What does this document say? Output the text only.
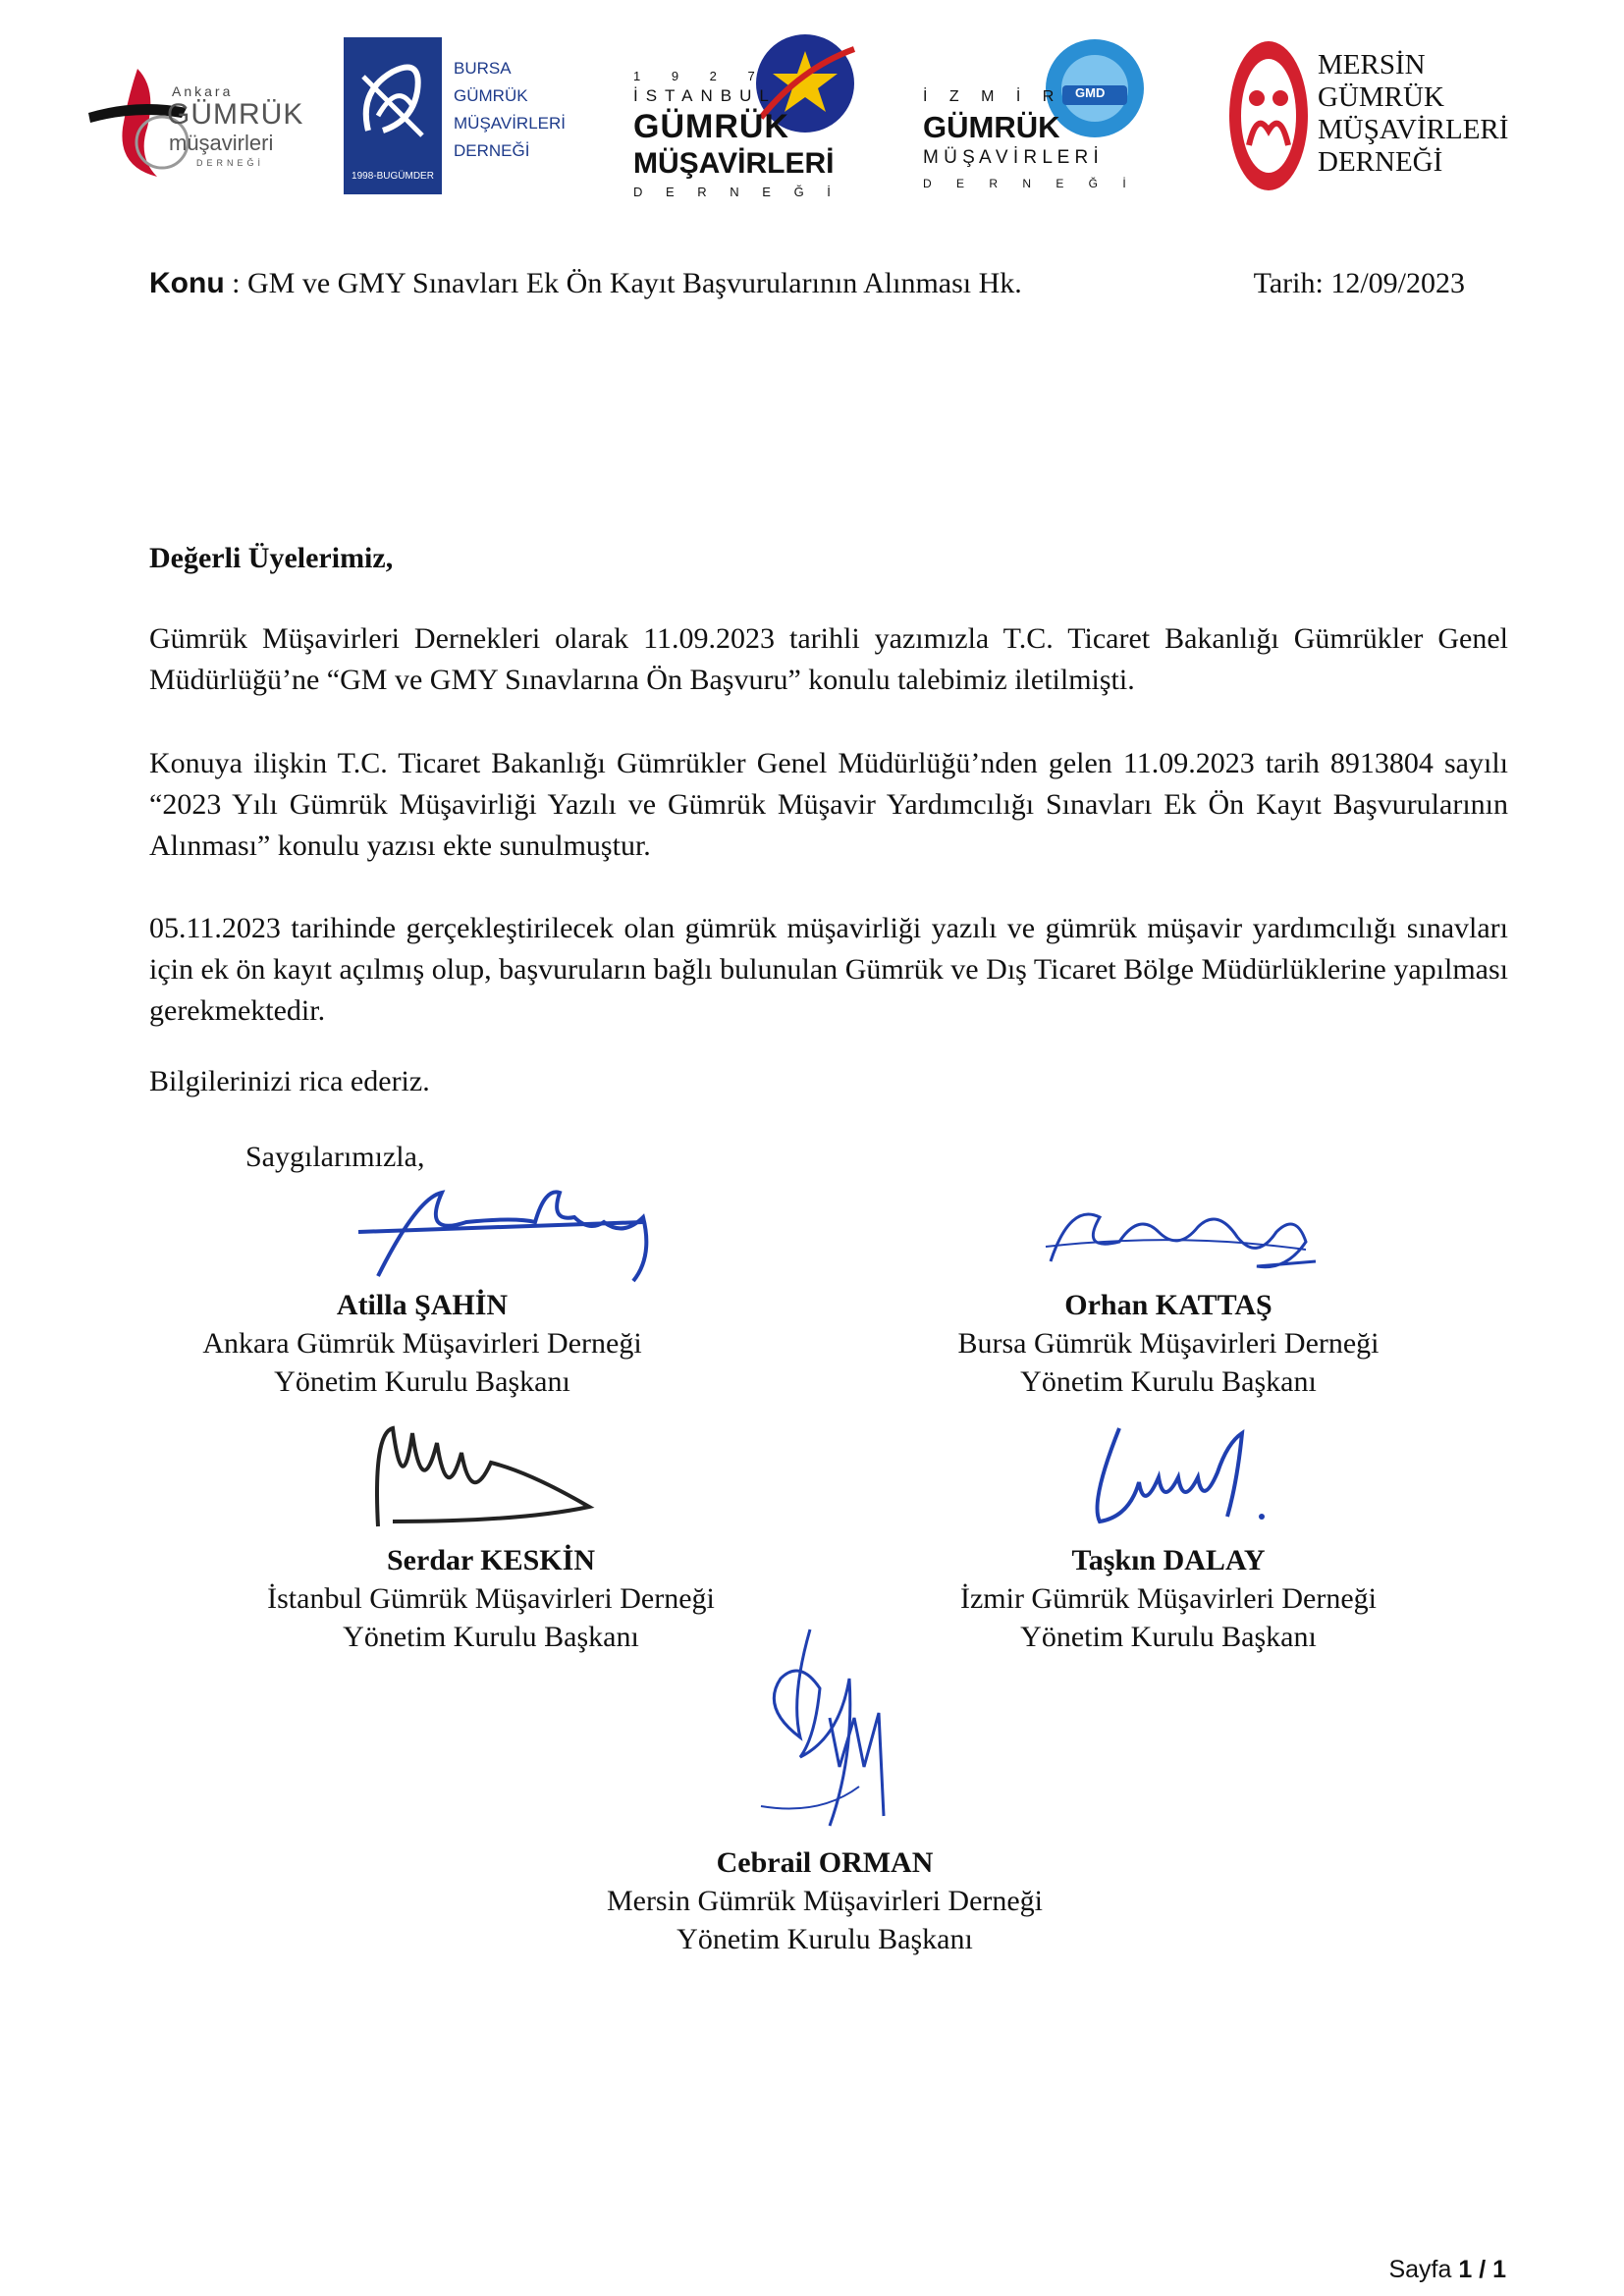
Ankara
GÜMRÜK
müşavirleri
DERNEĞİ
1998-BUGÜMDER
BURSA
GÜMRÜK
MÜŞAVİRLERİ
DERNEĞİ
1 9 2 7
İSTANBUL
GÜMRÜK
MÜŞAVİRLERİ
D E R N E Ğ İ
GMD
İ Z M İ R
GÜMRÜK
M Ü Ş A V İ R L E R İ
D E R N E Ğ İ
MERSİN
GÜMRÜK
MÜŞAVİRLERİ
DERNEĞİ
Konu : GM ve GMY Sınavları Ek Ön Kayıt Başvurularının Alınması Hk.	Tarih: 12/09/2023
Değerli Üyelerimiz,
Gümrük Müşavirleri Dernekleri olarak 11.09.2023 tarihli yazımızla T.C. Ticaret Bakanlığı Gümrükler Genel Müdürlüğü’ne “GM ve GMY Sınavlarına Ön Başvuru” konulu talebimiz iletilmişti.
Konuya ilişkin T.C. Ticaret Bakanlığı Gümrükler Genel Müdürlüğü’nden gelen 11.09.2023 tarih 8913804 sayılı “2023 Yılı Gümrük Müşavirliği Yazılı ve Gümrük Müşavir Yardımcılığı Sınavları Ek Ön Kayıt Başvurularının Alınması” konulu yazısı ekte sunulmuştur.
05.11.2023 tarihinde gerçekleştirilecek olan gümrük müşavirliği yazılı ve gümrük müşavir yardımcılığı sınavları için ek ön kayıt açılmış olup, başvuruların bağlı bulunulan Gümrük ve Dış Ticaret Bölge Müdürlüklerine yapılması gerekmektedir.
Bilgilerinizi rica ederiz.
Saygılarımızla,
Atilla ŞAHİN
Ankara Gümrük Müşavirleri Derneği
Yönetim Kurulu Başkanı
Orhan KATTAŞ
Bursa Gümrük Müşavirleri Derneği
Yönetim Kurulu Başkanı
Serdar KESKİN
İstanbul Gümrük Müşavirleri Derneği
Yönetim Kurulu Başkanı
Taşkın DALAY
İzmir Gümrük Müşavirleri Derneği
Yönetim Kurulu Başkanı
Cebrail ORMAN
Mersin Gümrük Müşavirleri Derneği
Yönetim Kurulu Başkanı
Sayfa 1 / 1
